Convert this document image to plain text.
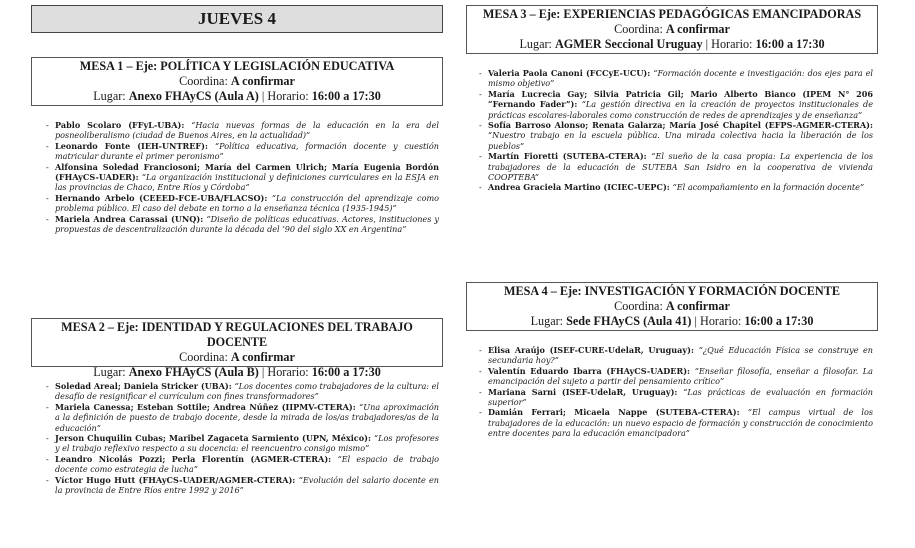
JUEVES 4
MESA 1 – Eje: POLÍTICA Y LEGISLACIÓN EDUCATIVA
Coordina: A confirmar
Lugar: Anexo FHAyCS (Aula A) | Horario: 16:00 a 17:30
- Pablo Scolaro (FFyL-UBA): “Hacia nuevas formas de la educación en la era del posneoliberalismo (ciudad de Buenos Aires, en la actualidad)”
- Leonardo Fonte (IEH-UNTREF): “Política educativa, formación docente y cuestión matricular durante el primer peronismo”
- Alfonsina Soledad Franciosoni; María del Carmen Ulrich; María Eugenia Bordón (FHAyCS-UADER): “La organización institucional y definiciones curriculares en la ESJA en las provincias de Chaco, Entre Ríos y Córdoba”
- Hernando Arbelo (CEEED-FCE-UBA/FLACSO): “La construcción del aprendizaje como problema público. El caso del debate en torno a la enseñanza técnica (1935-1945)”
- Mariela Andrea Carassai (UNQ): “Diseño de políticas educativas. Actores, instituciones y propuestas de descentralización durante la década del ’90 del siglo XX en Argentina”
MESA 2 – Eje: IDENTIDAD Y REGULACIONES DEL TRABAJO DOCENTE
Coordina: A confirmar
Lugar: Anexo FHAyCS (Aula B) | Horario: 16:00 a 17:30
- Soledad Areal; Daniela Stricker (UBA): “Los docentes como trabajadores de la cultura: el desafío de resignificar el currículum con fines transformadores”
- Mariela Canessa; Esteban Sottile; Andrea Núñez (IIPMV-CTERA): “Una aproximación a la definición de puesto de trabajo docente, desde la mirada de los/as trabajadores/as de la educación”
- Jerson Chuquilin Cubas; Maribel Zagaceta Sarmiento (UPN, México): “Los profesores y el trabajo reflexivo respecto a su docencia: el reencuentro consigo mismo”
- Leandro Nicolás Pozzi; Perla Florentín (AGMER-CTERA): “El espacio de trabajo docente como estrategia de lucha”
- Víctor Hugo Hutt (FHAyCS-UADER/AGMER-CTERA): “Evolución del salario docente en la provincia de Entre Ríos entre 1992 y 2016”
MESA 3 – Eje: EXPERIENCIAS PEDAGÓGICAS EMANCIPADORAS
Coordina: A confirmar
Lugar: AGMER Seccional Uruguay | Horario: 16:00 a 17:30
- Valeria Paola Canoni (FCCyE-UCU): “Formación docente e investigación: dos ejes para el mismo objetivo”
- María Lucrecia Gay; Silvia Patricia Gil; Mario Alberto Bianco (IPEM N° 206 “Fernando Fader”): “La gestión directiva en la creación de proyectos institucionales de prácticas escolares-laborales como construcción de redes de aprendizajes y de enseñanza”
- Sofía Barroso Alonso; Renata Galarza; María José Chapitel (EFPS-AGMER-CTERA): “Nuestro trabajo en la escuela pública. Una mirada colectiva hacia la liberación de los pueblos”
- Martín Fioretti (SUTEBA-CTERA): “El sueño de la casa propia: La experiencia de los trabajadores de la educación de SUTEBA San Isidro en la cooperativa de vivienda COOPTEBA”
- Andrea Graciela Martino (ICIEC-UEPC): “El acompañamiento en la formación docente”
MESA 4 – Eje: INVESTIGACIÓN Y FORMACIÓN DOCENTE
Coordina: A confirmar
Lugar: Sede FHAyCS (Aula 41) | Horario: 16:00 a 17:30
- Elisa Araújo (ISEF-CURE-UdelaR, Uruguay): “¿Qué Educación Física se construye en secundaria hoy?”
- Valentín Eduardo Ibarra (FHAyCS-UADER): “Enseñar filosofía, enseñar a filosofar. La emancipación del sujeto a partir del pensamiento crítico”
- Mariana Sarni (ISEF-UdelaR, Uruguay): “Las prácticas de evaluación en formación superior”
- Damián Ferrari; Micaela Nappe (SUTEBA-CTERA): “El campus virtual de los trabajadores de la educación: un nuevo espacio de formación y construcción de conocimiento entre docentes para la educación emancipadora”
